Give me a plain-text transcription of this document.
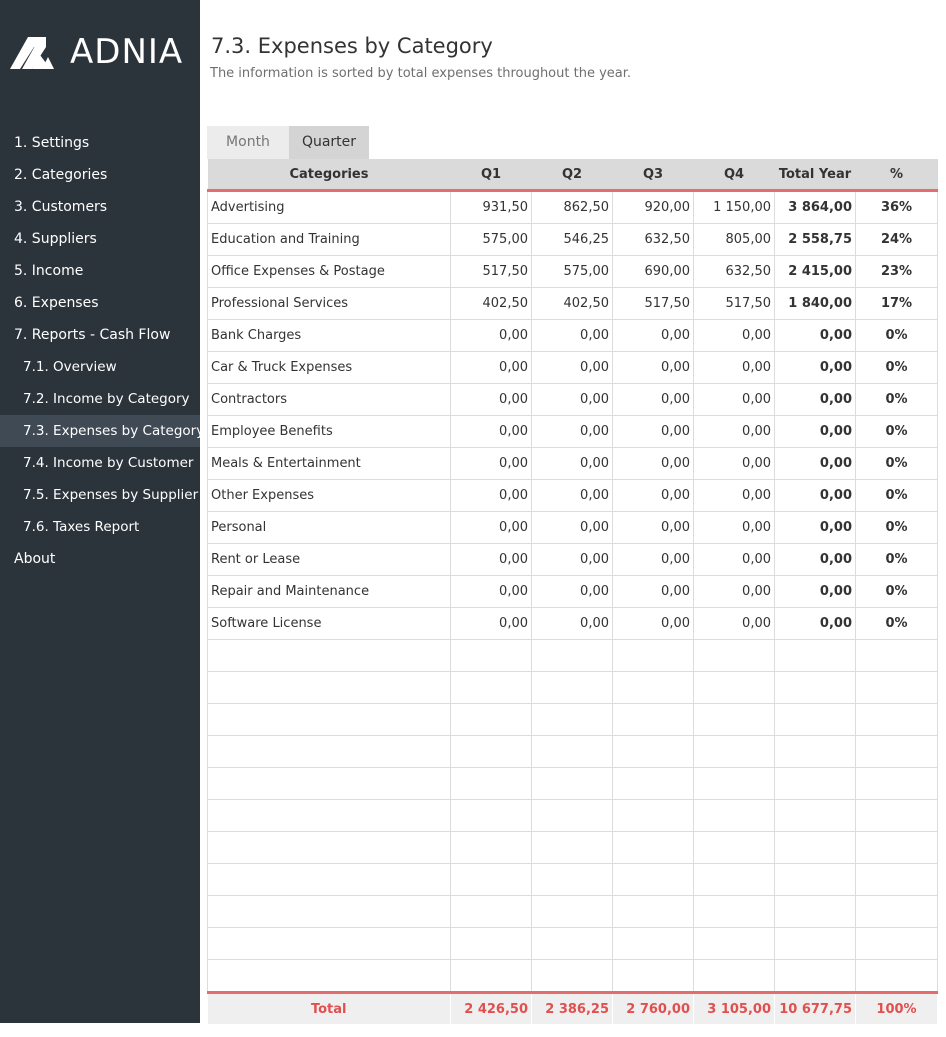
ADNIA
1. Settings
2. Categories
3. Customers
4. Suppliers
5. Income
6. Expenses
7. Reports - Cash Flow
7.1. Overview
7.2. Income by Category
7.3. Expenses by Category
7.4. Income by Customer
7.5. Expenses by Supplier
7.6. Taxes Report
About
7.3. Expenses by Category
The information is sorted by total expenses throughout the year.
Month	Quarter
Categories	Q1	Q2	Q3	Q4	Total Year	%
Advertising	931,50	862,50	920,00	1 150,00	3 864,00	36%
Education and Training	575,00	546,25	632,50	805,00	2 558,75	24%
Office Expenses & Postage	517,50	575,00	690,00	632,50	2 415,00	23%
Professional Services	402,50	402,50	517,50	517,50	1 840,00	17%
Bank Charges	0,00	0,00	0,00	0,00	0,00	0%
Car & Truck Expenses	0,00	0,00	0,00	0,00	0,00	0%
Contractors	0,00	0,00	0,00	0,00	0,00	0%
Employee Benefits	0,00	0,00	0,00	0,00	0,00	0%
Meals & Entertainment	0,00	0,00	0,00	0,00	0,00	0%
Other Expenses	0,00	0,00	0,00	0,00	0,00	0%
Personal	0,00	0,00	0,00	0,00	0,00	0%
Rent or Lease	0,00	0,00	0,00	0,00	0,00	0%
Repair and Maintenance	0,00	0,00	0,00	0,00	0,00	0%
Software License	0,00	0,00	0,00	0,00	0,00	0%

Total	2 426,50	2 386,25	2 760,00	3 105,00	10 677,75	100%
